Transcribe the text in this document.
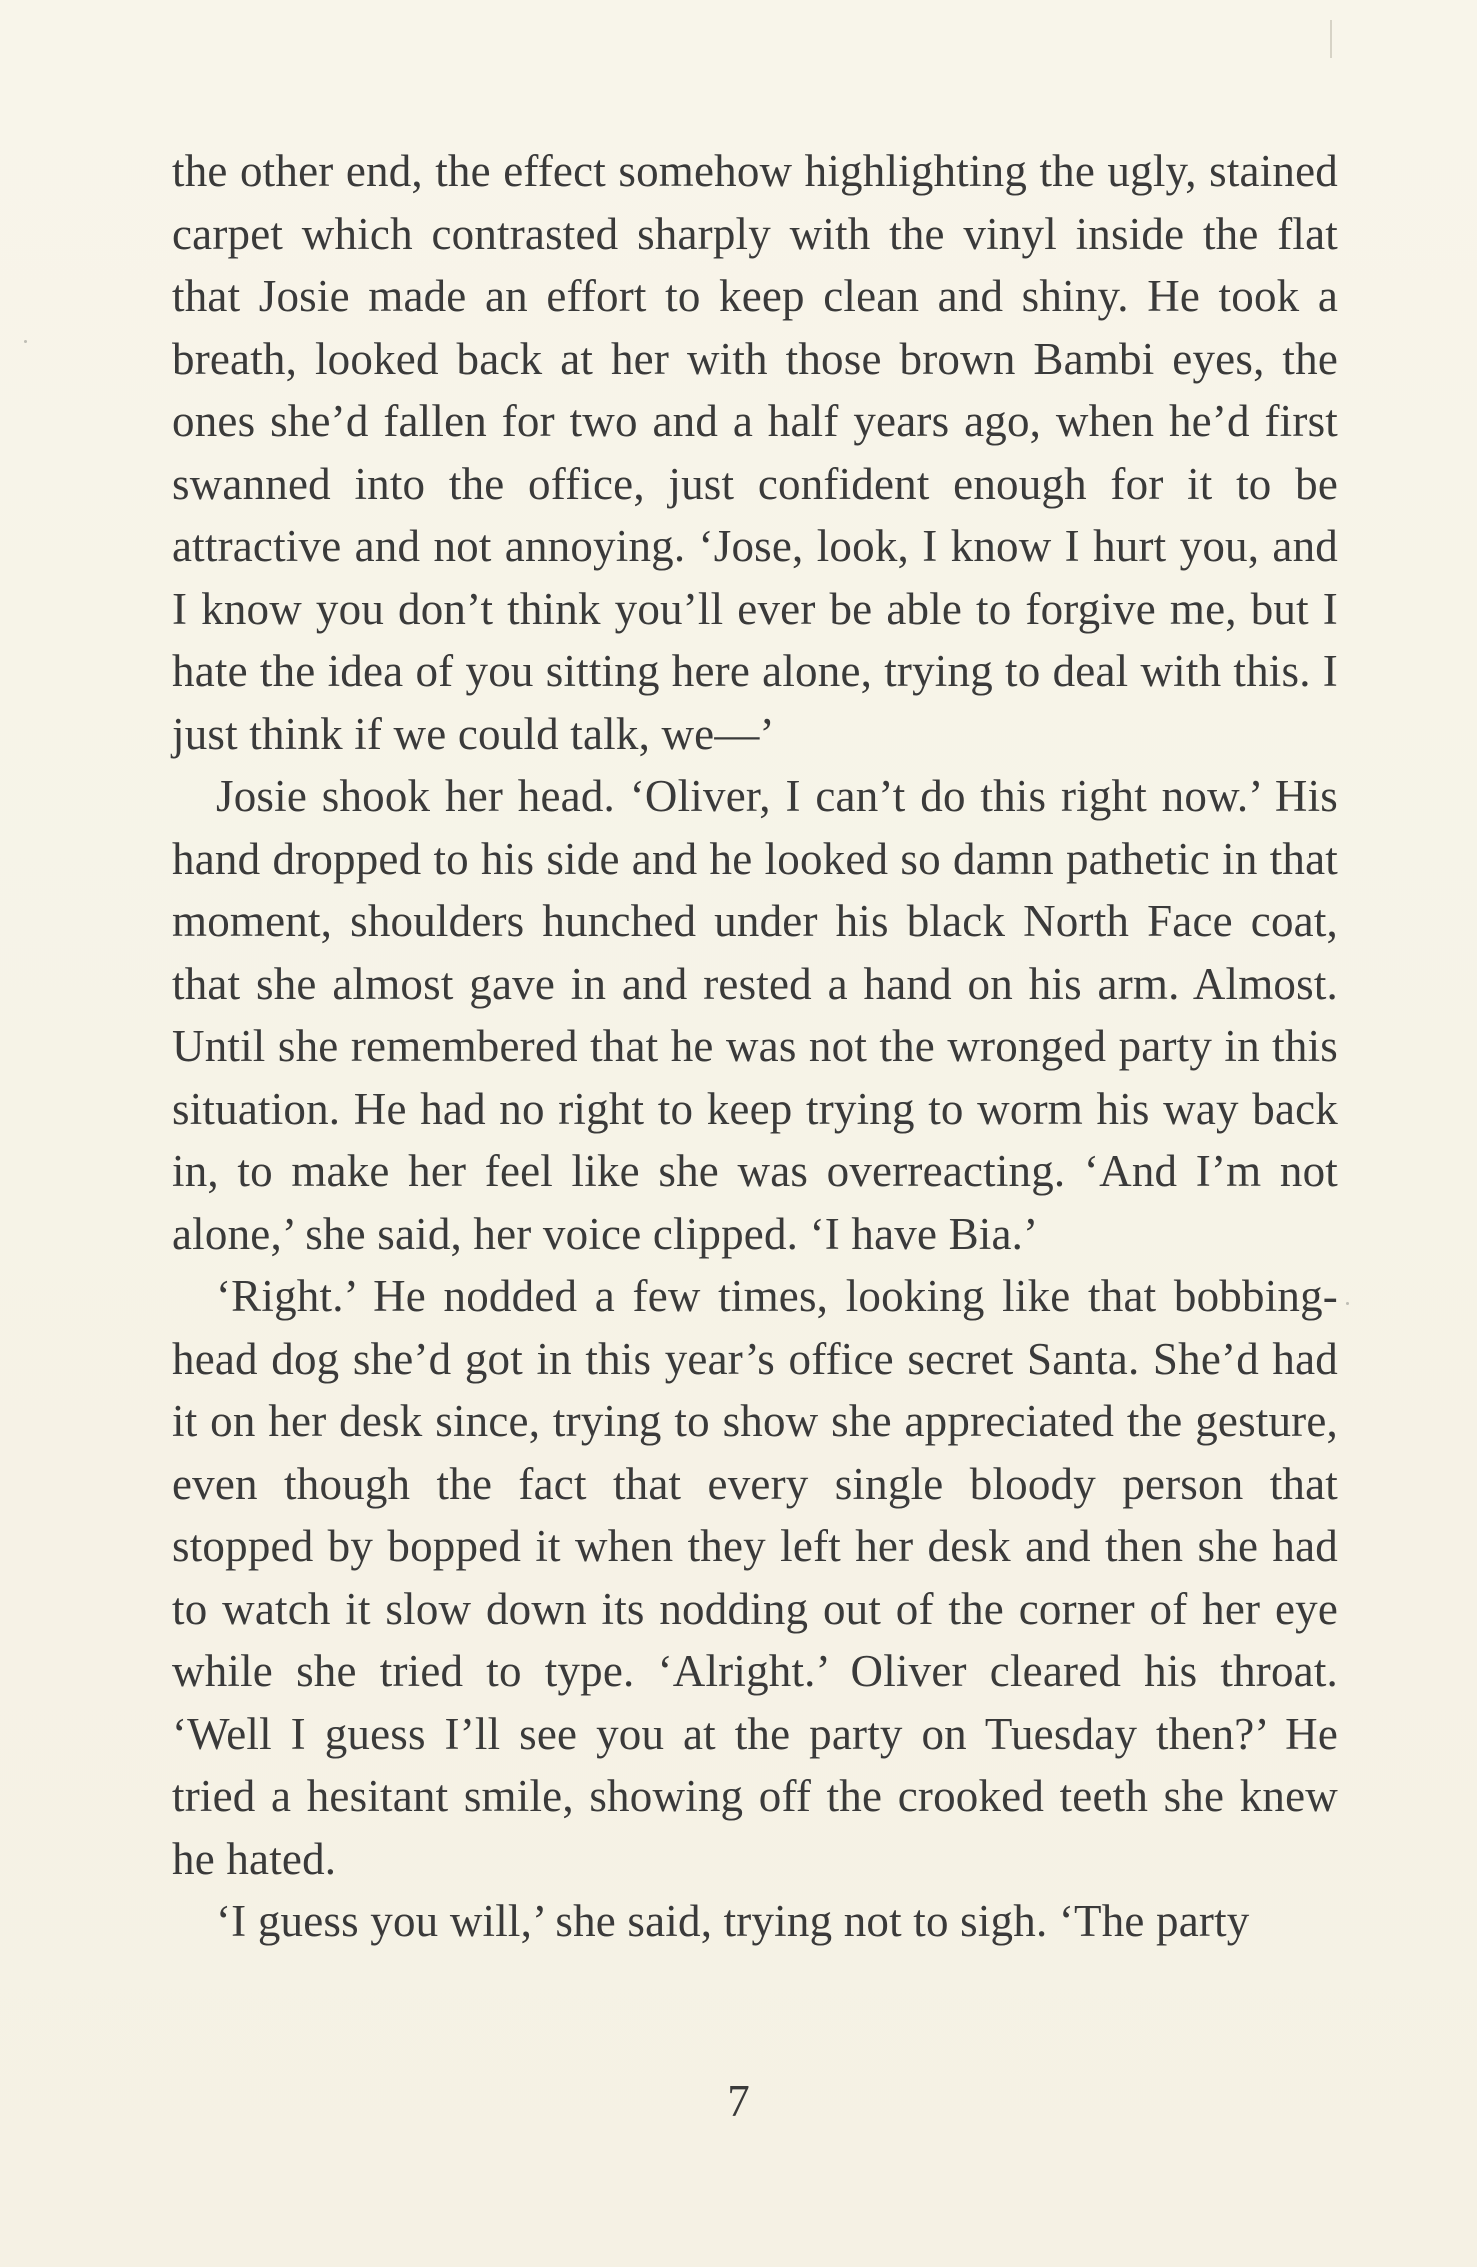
the other end, the effect somehow highlighting the ugly, stained carpet which contrasted sharply with the vinyl inside the flat that Josie made an effort to keep clean and shiny. He took a breath, looked back at her with those brown Bambi eyes, the ones she’d fallen for two and a half years ago, when he’d first swanned into the office, just confident enough for it to be attractive and not annoying. ‘Jose, look, I know I hurt you, and I know you don’t think you’ll ever be able to forgive me, but I hate the idea of you sitting here alone, trying to deal with this. I just think if we could talk, we—’

Josie shook her head. ‘Oliver, I can’t do this right now.’ His hand dropped to his side and he looked so damn pathetic in that moment, shoulders hunched under his black North Face coat, that she almost gave in and rested a hand on his arm. Almost. Until she remembered that he was not the wronged party in this situation. He had no right to keep trying to worm his way back in, to make her feel like she was overreacting. ‘And I’m not alone,’ she said, her voice clipped. ‘I have Bia.’

‘Right.’ He nodded a few times, looking like that bobbing-head dog she’d got in this year’s office secret Santa. She’d had it on her desk since, trying to show she appreciated the gesture, even though the fact that every single bloody person that stopped by bopped it when they left her desk and then she had to watch it slow down its nodding out of the corner of her eye while she tried to type. ‘Alright.’ Oliver cleared his throat. ‘Well I guess I’ll see you at the party on Tuesday then?’ He tried a hesitant smile, showing off the crooked teeth she knew he hated.

‘I guess you will,’ she said, trying not to sigh. ‘The party

7
